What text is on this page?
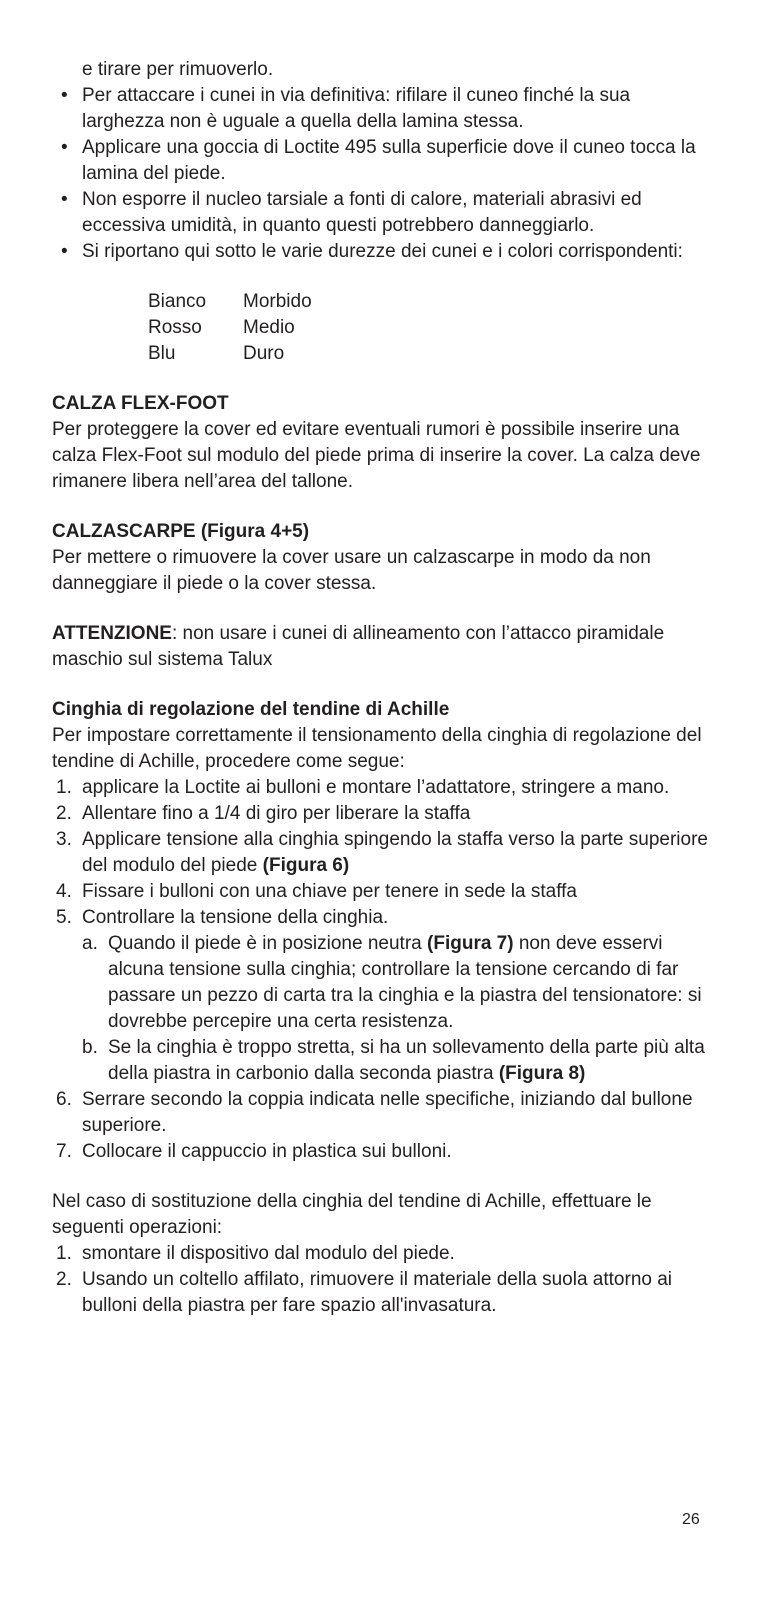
e tirare per rimuoverlo.

• Per attaccare i cunei in via definitiva: rifilare il cuneo finché la sua larghezza non è uguale a quella della lamina stessa.
• Applicare una goccia di Loctite 495 sulla superficie dove il cuneo tocca la lamina del piede.
• Non esporre il nucleo tarsiale a fonti di calore, materiali abrasivi ed eccessiva umidità, in quanto questi potrebbero danneggiarlo.
• Si riportano qui sotto le varie durezze dei cunei e i colori corrispondenti:
Bianco	Morbido
Rosso	Medio
Blu	Duro
CALZA FLEX-FOOT

Per proteggere la cover ed evitare eventuali rumori è possibile inserire una calza Flex-Foot sul modulo del piede prima di inserire la cover. La calza deve rimanere libera nell’area del tallone.

CALZASCARPE (Figura 4+5)

Per mettere o rimuovere la cover usare un calzascarpe in modo da non danneggiare il piede o la cover stessa.

ATTENZIONE: non usare i cunei di allineamento con l’attacco piramidale maschio sul sistema Talux

Cinghia di regolazione del tendine di Achille

Per impostare correttamente il tensionamento della cinghia di regolazione del tendine di Achille, procedere come segue:

1. applicare la Loctite ai bulloni e montare l’adattatore, stringere a mano.
2. Allentare fino a 1/4 di giro per liberare la staffa
3. Applicare tensione alla cinghia spingendo la staffa verso la parte superiore del modulo del piede (Figura 6)
4. Fissare i bulloni con una chiave per tenere in sede la staffa
5. Controllare la tensione della cinghia.
a. Quando il piede è in posizione neutra (Figura 7) non deve esservi alcuna tensione sulla cinghia; controllare la tensione cercando di far passare un pezzo di carta tra la cinghia e la piastra del tensionatore: si dovrebbe percepire una certa resistenza.
b. Se la cinghia è troppo stretta, si ha un sollevamento della parte più alta della piastra in carbonio dalla seconda piastra (Figura 8)
6. Serrare secondo la coppia indicata nelle specifiche, iniziando dal bullone superiore.
7. Collocare il cappuccio in plastica sui bulloni.

Nel caso di sostituzione della cinghia del tendine di Achille, effettuare le seguenti operazioni:

1. smontare il dispositivo dal modulo del piede.
2. Usando un coltello affilato, rimuovere il materiale della suola attorno ai bulloni della piastra per fare spazio all'invasatura.
26
